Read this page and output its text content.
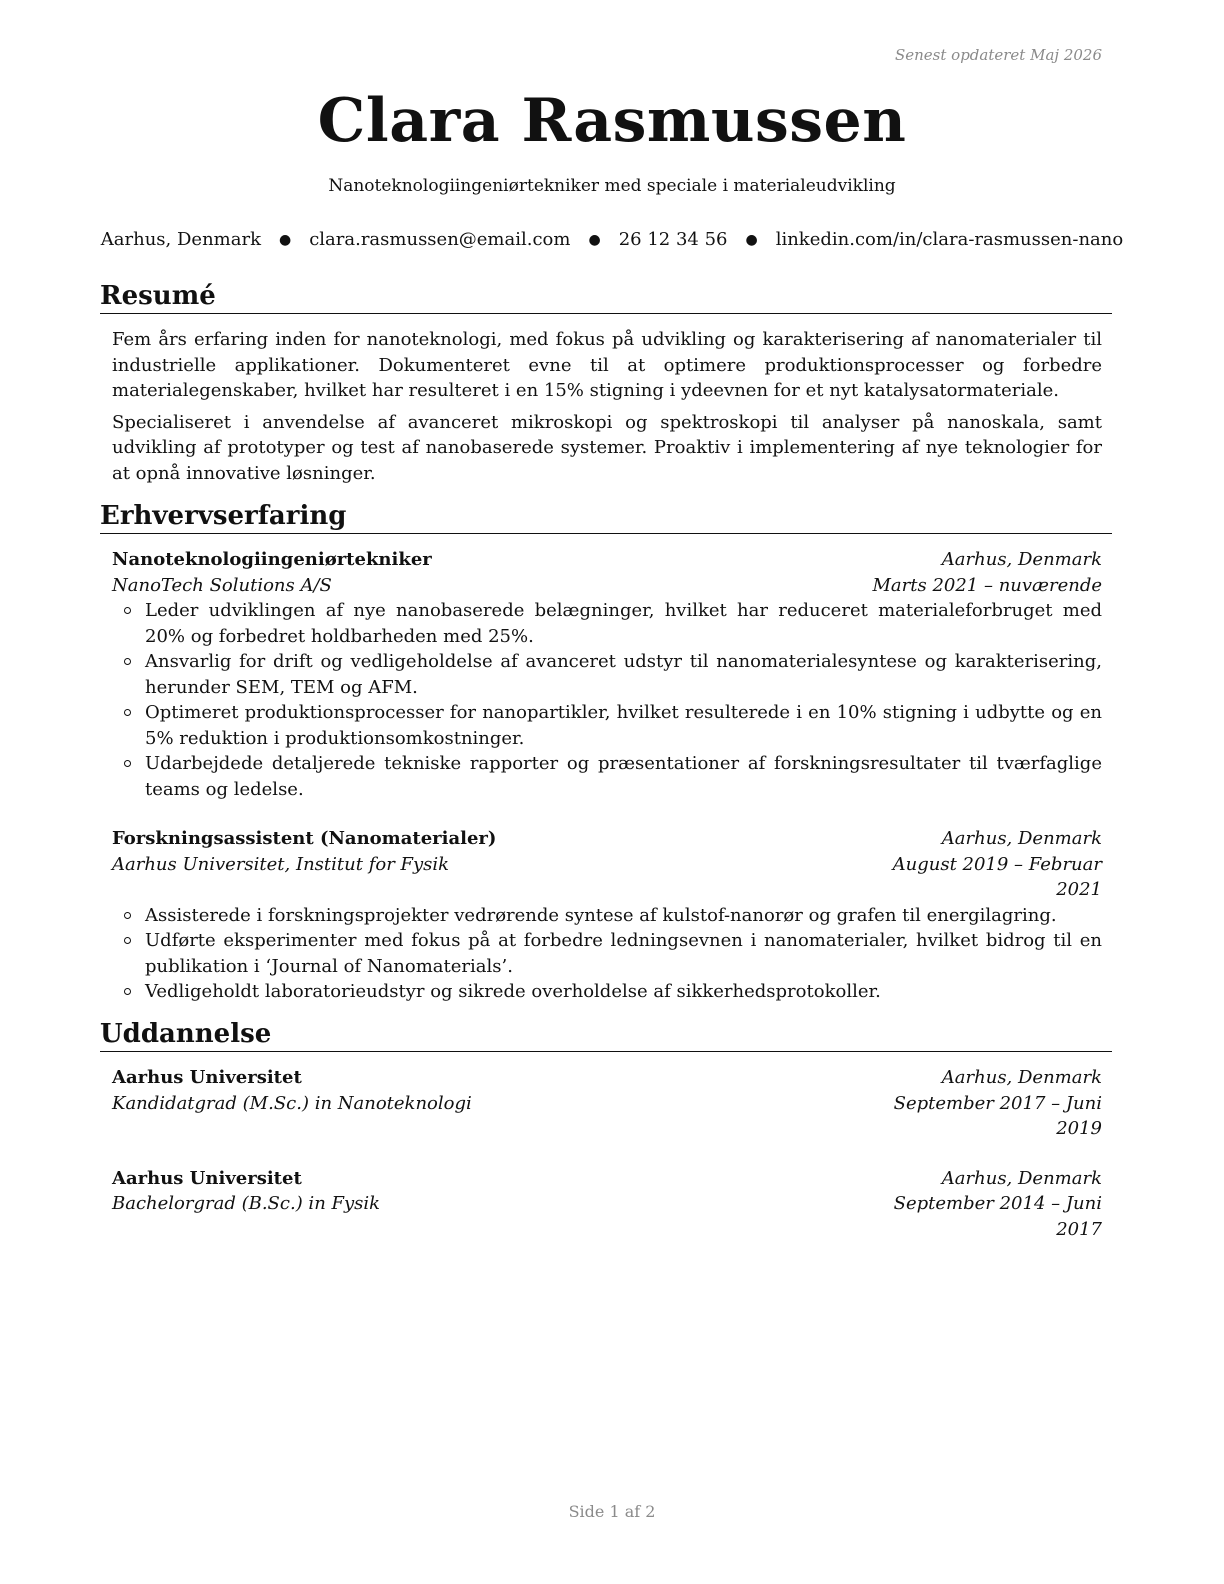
Senest opdateret Maj 2026
Clara Rasmussen
Nanoteknologiingeniørtekniker med speciale i materialeudvikling
Aarhus, Denmark ● clara.rasmussen@email.com ● 26 12 34 56 ● linkedin.com/in/clara-rasmussen-nano
Resumé

Fem års erfaring inden for nanoteknologi, med fokus på udvikling og karakterisering af nanomaterialer til industrielle applikationer. Dokumenteret evne til at optimere produktionsprocesser og forbedre materialegenskaber, hvilket har resulteret i en 15% stigning i ydeevnen for et nyt katalysatormateriale.

Specialiseret i anvendelse af avanceret mikroskopi og spektroskopi til analyser på nanoskala, samt udvikling af prototyper og test af nanobaserede systemer. Proaktiv i implementering af nye teknologier for at opnå innovative løsninger.

Erhvervserfaring
Nanoteknologiingeniørtekniker	Aarhus, Denmark
NanoTech Solutions A/S	Marts 2021 – nuværende
Leder udviklingen af nye nanobaserede belægninger, hvilket har reduceret materialeforbruget med 20% og forbedret holdbarheden med 25%.
Ansvarlig for drift og vedligeholdelse af avanceret udstyr til nanomaterialesyntese og karakterisering, herunder SEM, TEM og AFM.
Optimeret produktionsprocesser for nanopartikler, hvilket resulterede i en 10% stigning i udbytte og en 5% reduktion i produktionsomkostninger.
Udarbejdede detaljerede tekniske rapporter og præsentationer af forskningsresultater til tværfaglige teams og ledelse.
Forskningsassistent (Nanomaterialer)	Aarhus, Denmark
Aarhus Universitet, Institut for Fysik	August 2019 – Februar 2021
Assisterede i forskningsprojekter vedrørende syntese af kulstof-nanorør og grafen til energilagring.
Udførte eksperimenter med fokus på at forbedre ledningsevnen i nanomaterialer, hvilket bidrog til en publikation i ‘Journal of Nanomaterials’.
Vedligeholdt laboratorieudstyr og sikrede overholdelse af sikkerhedsprotokoller.
Uddannelse
Aarhus Universitet	Aarhus, Denmark
Kandidatgrad (M.Sc.) in Nanoteknologi	September 2017 – Juni 2019
Aarhus Universitet	Aarhus, Denmark
Bachelorgrad (B.Sc.) in Fysik	September 2014 – Juni 2017
Side 1 af 2
